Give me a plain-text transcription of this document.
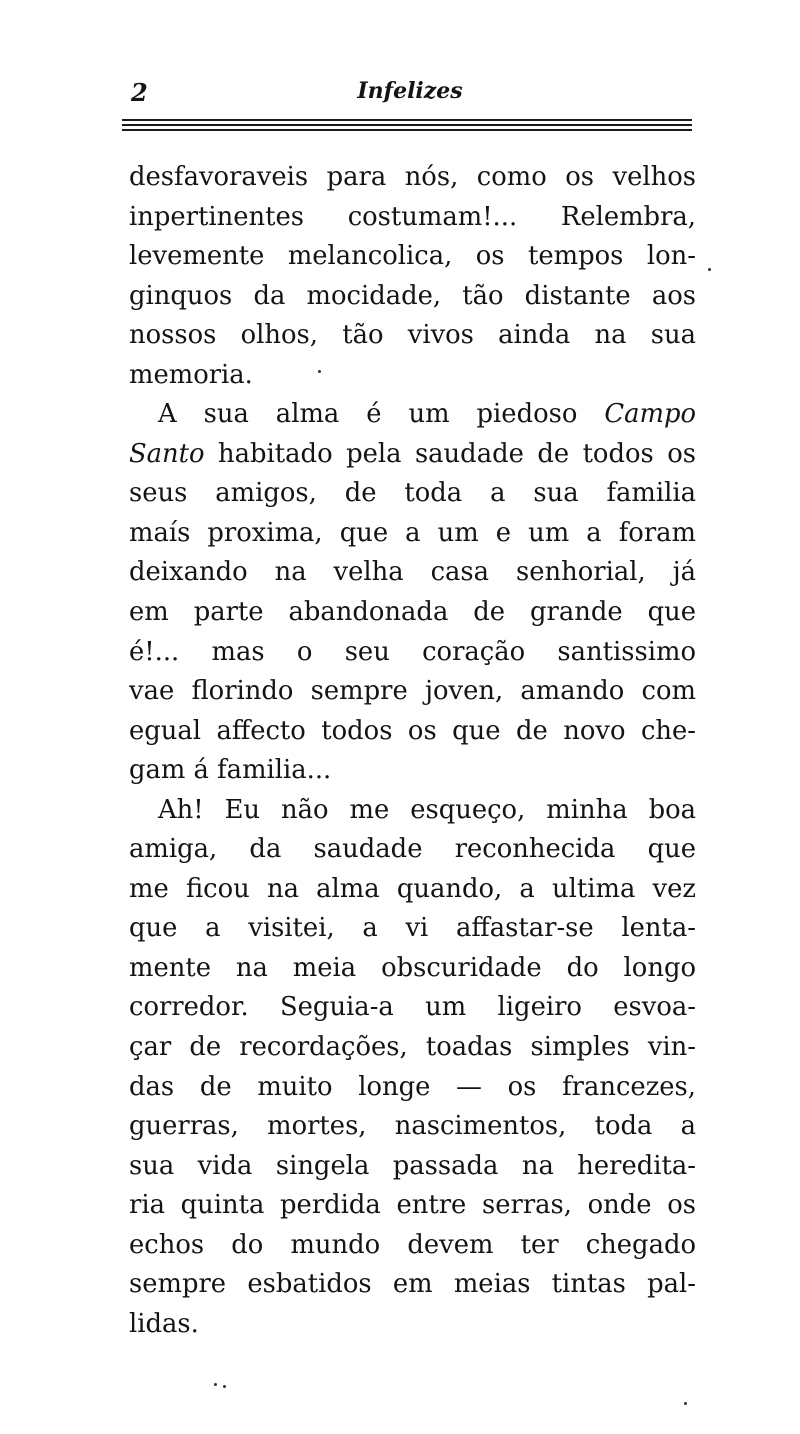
2	Infelizes
desfavoraveis para nós, como os velhos
inpertinentes costumam!... Relembra,
levemente melancolica, os tempos lon-
ginquos da mocidade, tão distante aos
nossos olhos, tão vivos ainda na sua
memoria.
A sua alma é um piedoso Campo
Santo habitado pela saudade de todos os
seus amigos, de toda a sua familia
maís proxima, que a um e um a foram
deixando na velha casa senhorial, já
em parte abandonada de grande que
é!... mas o seu coração santissimo
vae florindo sempre joven, amando com
egual affecto todos os que de novo che-
gam á familia...
Ah! Eu não me esqueço, minha boa
amiga, da saudade reconhecida que
me ficou na alma quando, a ultima vez
que a visitei, a vi affastar-se lenta-
mente na meia obscuridade do longo
corredor. Seguia-a um ligeiro esvoa-
çar de recordações, toadas simples vin-
das de muito longe — os francezes,
guerras, mortes, nascimentos, toda a
sua vida singela passada na heredita-
ria quinta perdida entre serras, onde os
echos do mundo devem ter chegado
sempre esbatidos em meias tintas pal-
lidas.
